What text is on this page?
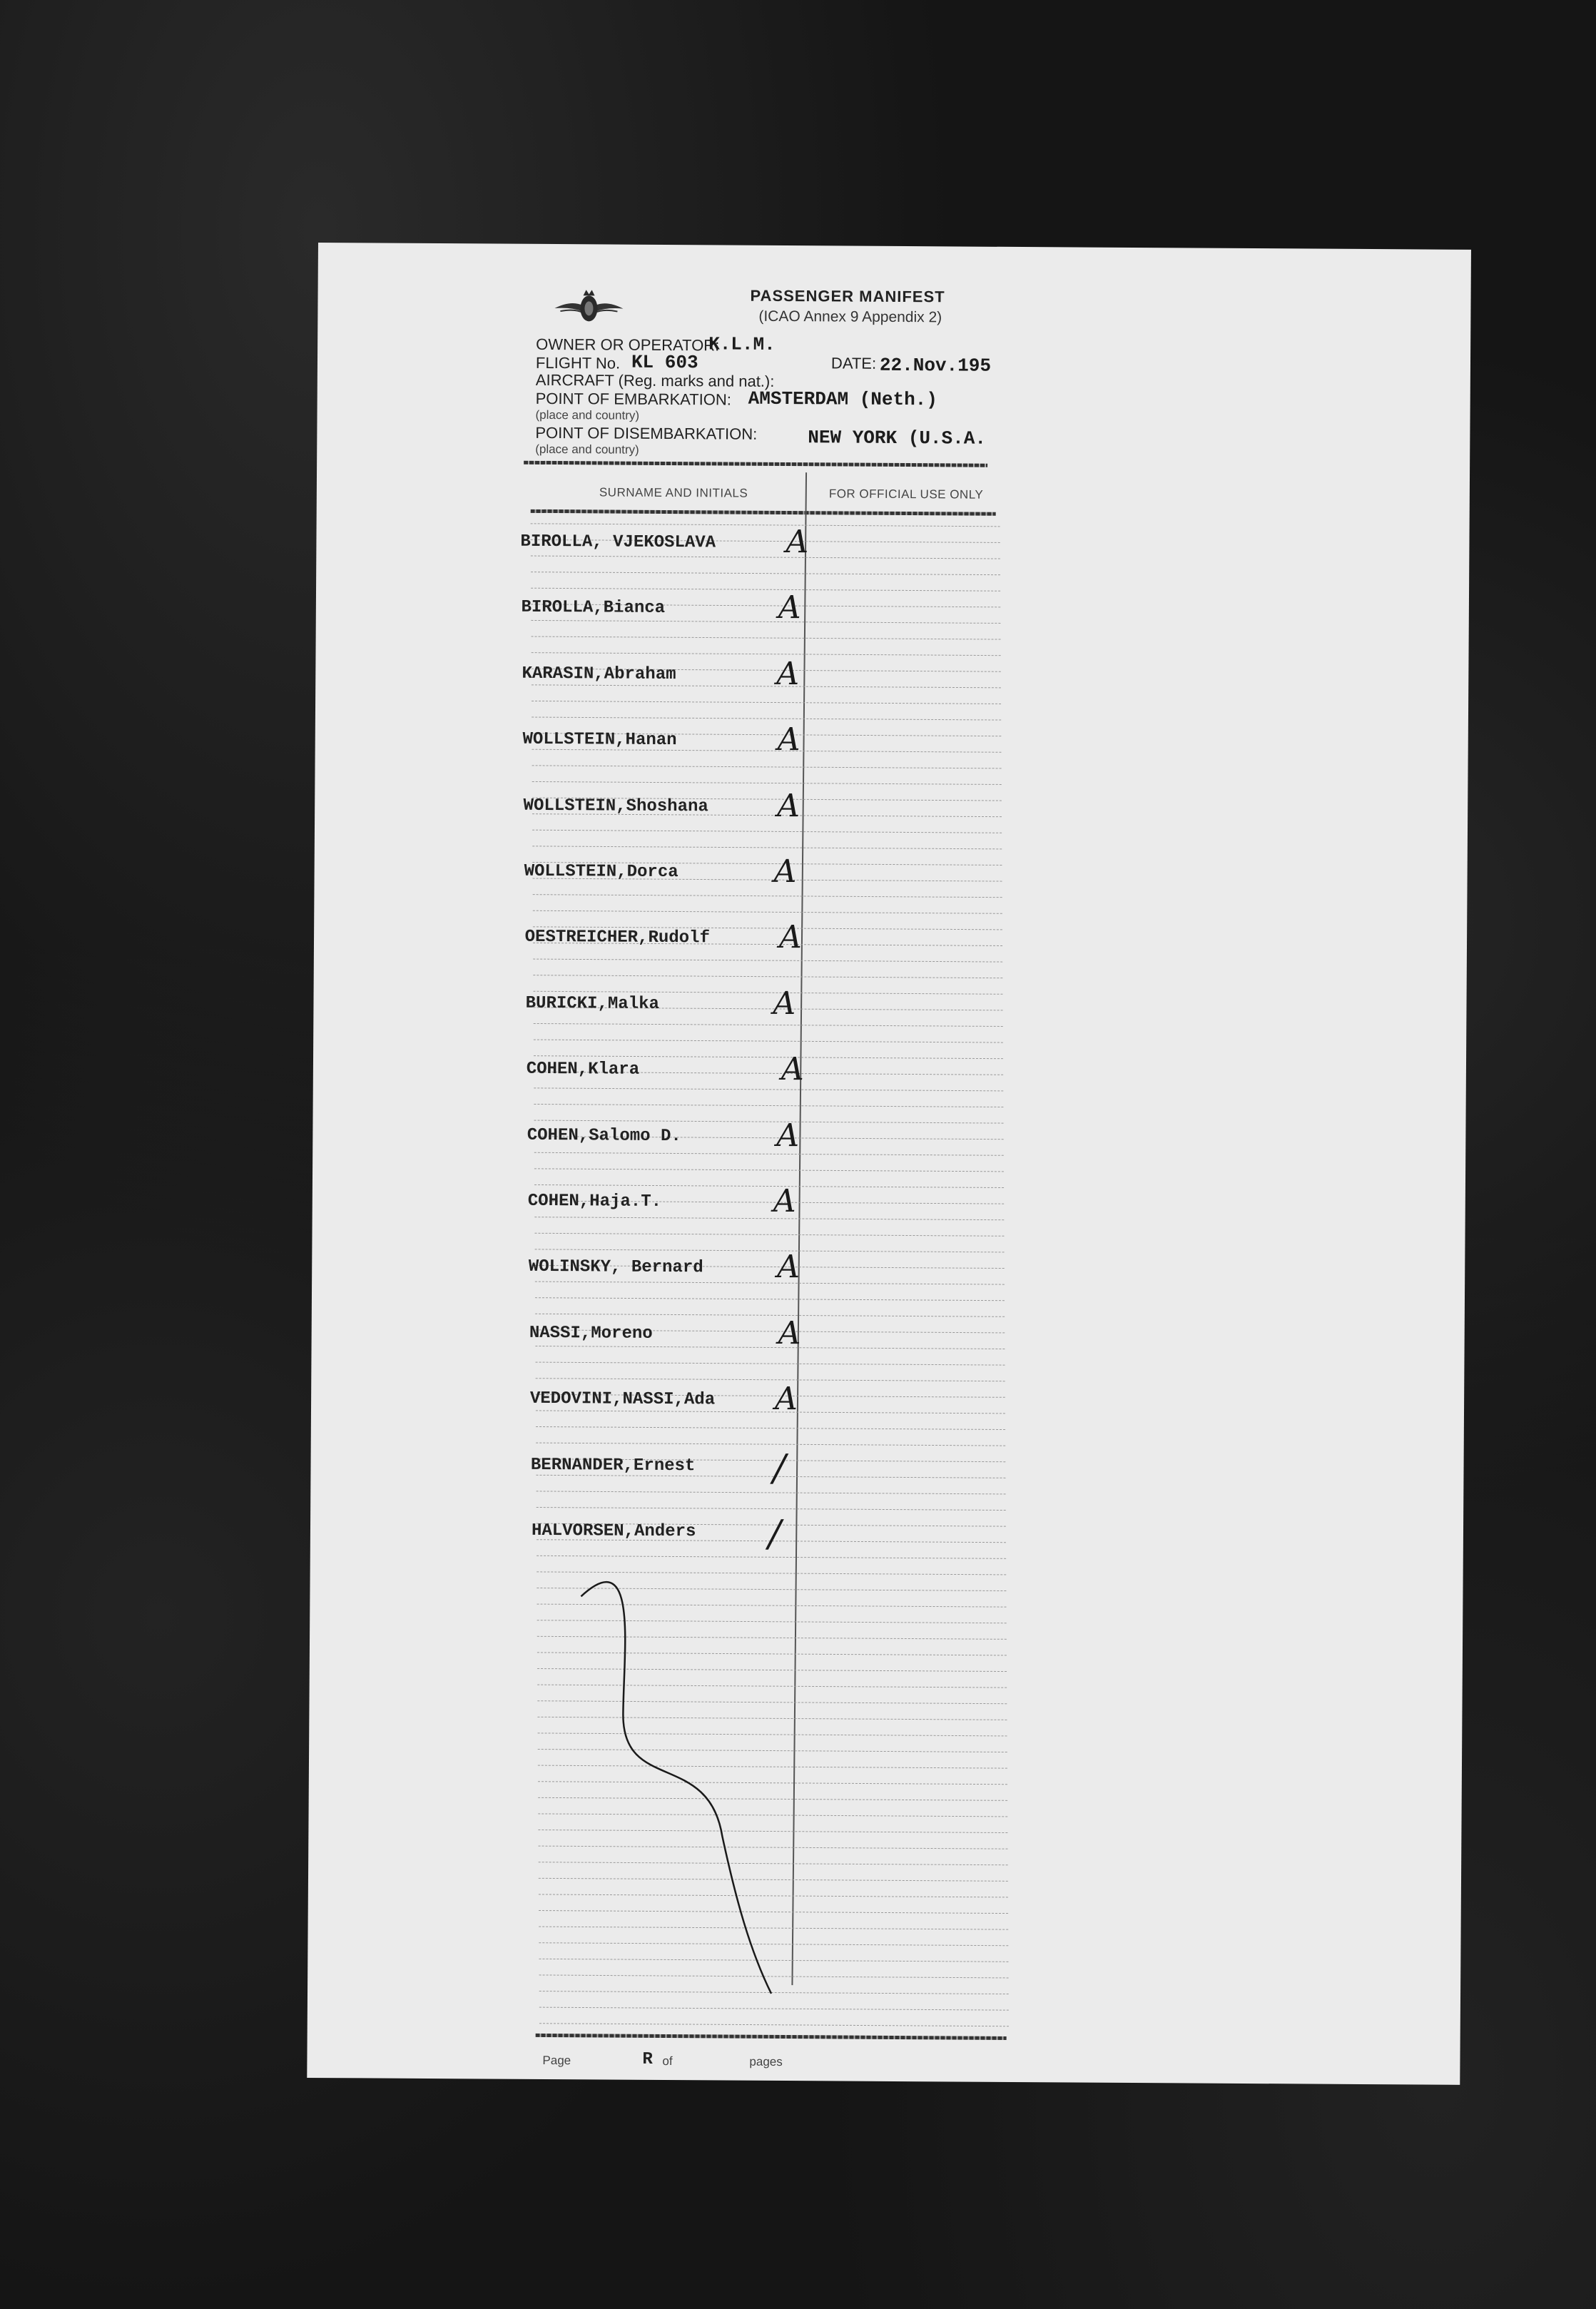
PASSENGER MANIFEST
(ICAO Annex 9 Appendix 2)
OWNER OR OPERATOR:
K.L.M.
FLIGHT No. KL 603	DATE: 22.Nov.195
AIRCRAFT (Reg. marks and nat.):
POINT OF EMBARKATION: AMSTERDAM (Neth.)
(place and country)
POINT OF DISEMBARKATION:	NEW YORK (U.S.A.
(place and country)
SURNAME AND INITIALS	FOR OFFICIAL USE ONLY
BIROLLA, VJEKOSLAVA A
BIROLLA,Bianca	A
KARASIN,Abraham	A
WOLLSTEIN,Hanan	A
WOLLSTEIN,Shoshana A
WOLLSTEIN,Dorca	A
OESTREICHER,Rudolf A
BURICKI,Malka	A
COHEN,Klara	A
COHEN,Salomo D.	A
COHEN,Haja.T.	A
WOLINSKY, Bernard A
NASSI,Moreno	A
VEDOVINI,NASSI,Ada A
BERNANDER,Ernest /
HALVORSEN,Anders /
Page	R of	pages
